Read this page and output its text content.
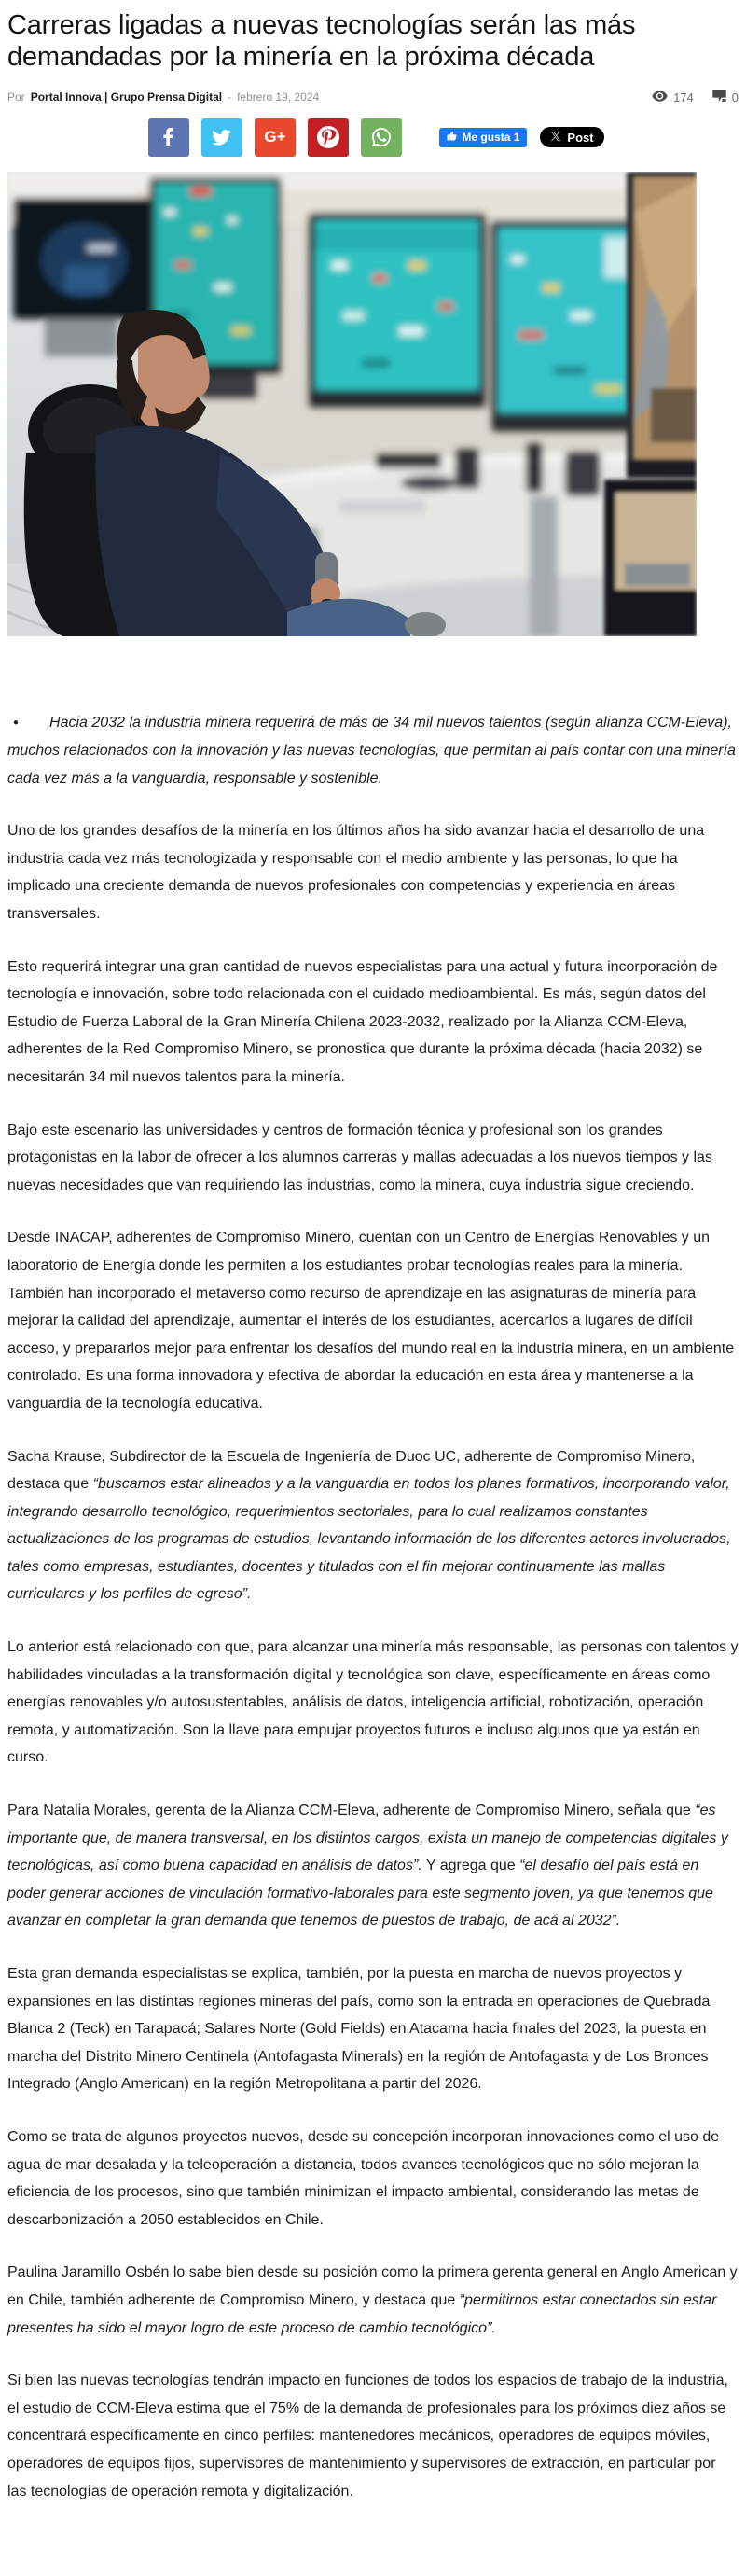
Carreras ligadas a nuevas tecnologías serán las más demandadas por la minería en la próxima década
Por Portal Innova | Grupo Prensa Digital - febrero 19, 2024	174	0
G+	Me gusta 1	Post

● Hacia 2032 la industria minera requerirá de más de 34 mil nuevos talentos (según alianza CCM-Eleva), muchos relacionados con la innovación y las nuevas tecnologías, que permitan al país contar con una minería cada vez más a la vanguardia, responsable y sostenible.

Uno de los grandes desafíos de la minería en los últimos años ha sido avanzar hacia el desarrollo de una industria cada vez más tecnologizada y responsable con el medio ambiente y las personas, lo que ha implicado una creciente demanda de nuevos profesionales con competencias y experiencia en áreas transversales.

Esto requerirá integrar una gran cantidad de nuevos especialistas para una actual y futura incorporación de tecnología e innovación, sobre todo relacionada con el cuidado medioambiental. Es más, según datos del Estudio de Fuerza Laboral de la Gran Minería Chilena 2023-2032, realizado por la Alianza CCM-Eleva, adherentes de la Red Compromiso Minero, se pronostica que durante la próxima década (hacia 2032) se necesitarán 34 mil nuevos talentos para la minería.

Bajo este escenario las universidades y centros de formación técnica y profesional son los grandes protagonistas en la labor de ofrecer a los alumnos carreras y mallas adecuadas a los nuevos tiempos y las nuevas necesidades que van requiriendo las industrias, como la minera, cuya industria sigue creciendo.

Desde INACAP, adherentes de Compromiso Minero, cuentan con un Centro de Energías Renovables y un laboratorio de Energía donde les permiten a los estudiantes probar tecnologías reales para la minería. También han incorporado el metaverso como recurso de aprendizaje en las asignaturas de minería para mejorar la calidad del aprendizaje, aumentar el interés de los estudiantes, acercarlos a lugares de difícil acceso, y prepararlos mejor para enfrentar los desafíos del mundo real en la industria minera, en un ambiente controlado. Es una forma innovadora y efectiva de abordar la educación en esta área y mantenerse a la vanguardia de la tecnología educativa.

Sacha Krause, Subdirector de la Escuela de Ingeniería de Duoc UC, adherente de Compromiso Minero, destaca que “buscamos estar alineados y a la vanguardia en todos los planes formativos, incorporando valor, integrando desarrollo tecnológico, requerimientos sectoriales, para lo cual realizamos constantes actualizaciones de los programas de estudios, levantando información de los diferentes actores involucrados, tales como empresas, estudiantes, docentes y titulados con el fin mejorar continuamente las mallas curriculares y los perfiles de egreso”.

Lo anterior está relacionado con que, para alcanzar una minería más responsable, las personas con talentos y habilidades vinculadas a la transformación digital y tecnológica son clave, específicamente en áreas como energías renovables y/o autosustentables, análisis de datos, inteligencia artificial, robotización, operación remota, y automatización. Son la llave para empujar proyectos futuros e incluso algunos que ya están en curso.

Para Natalia Morales, gerenta de la Alianza CCM-Eleva, adherente de Compromiso Minero, señala que “es importante que, de manera transversal, en los distintos cargos, exista un manejo de competencias digitales y tecnológicas, así como buena capacidad en análisis de datos”. Y agrega que “el desafío del país está en poder generar acciones de vinculación formativo-laborales para este segmento joven, ya que tenemos que avanzar en completar la gran demanda que tenemos de puestos de trabajo, de acá al 2032”.

Esta gran demanda especialistas se explica, también, por la puesta en marcha de nuevos proyectos y expansiones en las distintas regiones mineras del país, como son la entrada en operaciones de Quebrada Blanca 2 (Teck) en Tarapacá; Salares Norte (Gold Fields) en Atacama hacia finales del 2023, la puesta en marcha del Distrito Minero Centinela (Antofagasta Minerals) en la región de Antofagasta y de Los Bronces Integrado (Anglo American) en la región Metropolitana a partir del 2026.

Como se trata de algunos proyectos nuevos, desde su concepción incorporan innovaciones como el uso de agua de mar desalada y la teleoperación a distancia, todos avances tecnológicos que no sólo mejoran la eficiencia de los procesos, sino que también minimizan el impacto ambiental, considerando las metas de descarbonización a 2050 establecidos en Chile.

Paulina Jaramillo Osbén lo sabe bien desde su posición como la primera gerenta general en Anglo American y en Chile, también adherente de Compromiso Minero, y destaca que “permitirnos estar conectados sin estar presentes ha sido el mayor logro de este proceso de cambio tecnológico”.

Si bien las nuevas tecnologías tendrán impacto en funciones de todos los espacios de trabajo de la industria, el estudio de CCM-Eleva estima que el 75% de la demanda de profesionales para los próximos diez años se concentrará específicamente en cinco perfiles: mantenedores mecánicos, operadores de equipos móviles, operadores de equipos fijos, supervisores de mantenimiento y supervisores de extracción, en particular por las tecnologías de operación remota y digitalización.
